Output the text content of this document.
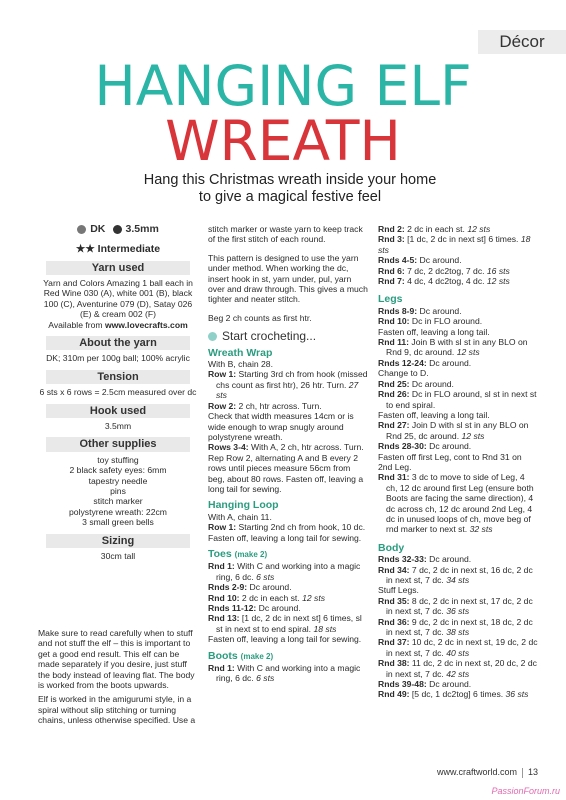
Décor
HANGING ELF
WREATH
Hang this Christmas wreath inside your home to give a magical festive feel
DK
3.5mm
★★ Intermediate
Yarn used

Yarn and Colors Amazing 1 ball each in Red Wine 030 (A), white 001 (B), black 100 (C), Aventurine 079 (D), Satay 026 (E) & cream 002 (F)

Available from www.lovecrafts.com

About the yarn

DK; 310m per 100g ball; 100% acrylic

Tension

6 sts x 6 rows = 2.5cm measured over dc

Hook used

3.5mm

Other supplies

toy stuffing

2 black safety eyes: 6mm

tapestry needle

pins

stitch marker

polystyrene wreath: 22cm

3 small green bells

Sizing

30cm tall

Make sure to read carefully when to stuff and not stuff the elf – this is important to get a good end result. This elf can be made separately if you desire, just stuff the body instead of leaving flat. The body is worked from the boots upwards.

Elf is worked in the amigurumi style, in a spiral without slip stitching or turning chains, unless otherwise specified. Use a

stitch marker or waste yarn to keep track of the first stitch of each round.

This pattern is designed to use the yarn under method. When working the dc, insert hook in st, yarn under, pul, yarn over and draw through. This gives a much tighter and neater stitch.

Beg 2 ch counts as first htr.

Start crocheting...
Wreath Wrap

With B, chain 28.

Row 1: Starting 3rd ch from hook (missed chs count as first htr), 26 htr. Turn. 27 sts

Row 2: 2 ch, htr across. Turn.

Check that width measures 14cm or is wide enough to wrap snugly around polystyrene wreath.

Rows 3-4: With A, 2 ch, htr across. Turn. Rep Row 2, alternating A and B every 2 rows until pieces measure 56cm from beg, about 80 rows. Fasten off, leaving a long tail for sewing.

Hanging Loop

With A, chain 11.

Row 1: Starting 2nd ch from hook, 10 dc. Fasten off, leaving a long tail for sewing.

Toes (make 2)

Rnd 1: With C and working into a magic ring, 6 dc. 6 sts

Rnds 2-9: Dc around.

Rnd 10: 2 dc in each st. 12 sts

Rnds 11-12: Dc around.

Rnd 13: [1 dc, 2 dc in next st] 6 times, sl st in next st to end spiral. 18 sts

Fasten off, leaving a long tail for sewing.

Boots (make 2)

Rnd 1: With C and working into a magic ring, 6 dc. 6 sts

Rnd 2: 2 dc in each st. 12 sts

Rnd 3: [1 dc, 2 dc in next st] 6 times. 18 sts

Rnds 4-5: Dc around.

Rnd 6: 7 dc, 2 dc2tog, 7 dc. 16 sts

Rnd 7: 4 dc, 4 dc2tog, 4 dc. 12 sts

Legs

Rnds 8-9: Dc around.

Rnd 10: Dc in FLO around.

Fasten off, leaving a long tail.

Rnd 11: Join B with sl st in any BLO on Rnd 9, dc around. 12 sts

Rnds 12-24: Dc around.

Change to D.

Rnd 25: Dc around.

Rnd 26: Dc in FLO around, sl st in next st to end spiral.

Fasten off, leaving a long tail.

Rnd 27: Join D with sl st in any BLO on Rnd 25, dc around. 12 sts

Rnds 28-30: Dc around.

Fasten off first Leg, cont to Rnd 31 on 2nd Leg.

Rnd 31: 3 dc to move to side of Leg, 4 ch, 12 dc around first Leg (ensure both Boots are facing the same direction), 4 dc across ch, 12 dc around 2nd Leg, 4 dc in unused loops of ch, move beg of rnd marker to next st. 32 sts

Body

Rnds 32-33: Dc around.

Rnd 34: 7 dc, 2 dc in next st, 16 dc, 2 dc in next st, 7 dc. 34 sts

Stuff Legs.

Rnd 35: 8 dc, 2 dc in next st, 17 dc, 2 dc in next st, 7 dc. 36 sts

Rnd 36: 9 dc, 2 dc in next st, 18 dc, 2 dc in next st, 7 dc. 38 sts

Rnd 37: 10 dc, 2 dc in next st, 19 dc, 2 dc in next st, 7 dc. 40 sts

Rnd 38: 11 dc, 2 dc in next st, 20 dc, 2 dc in next st, 7 dc. 42 sts

Rnds 39-48: Dc around.

Rnd 49: [5 dc, 1 dc2tog] 6 times. 36 sts

www.craftworld.com 13
PassionForum.ru
